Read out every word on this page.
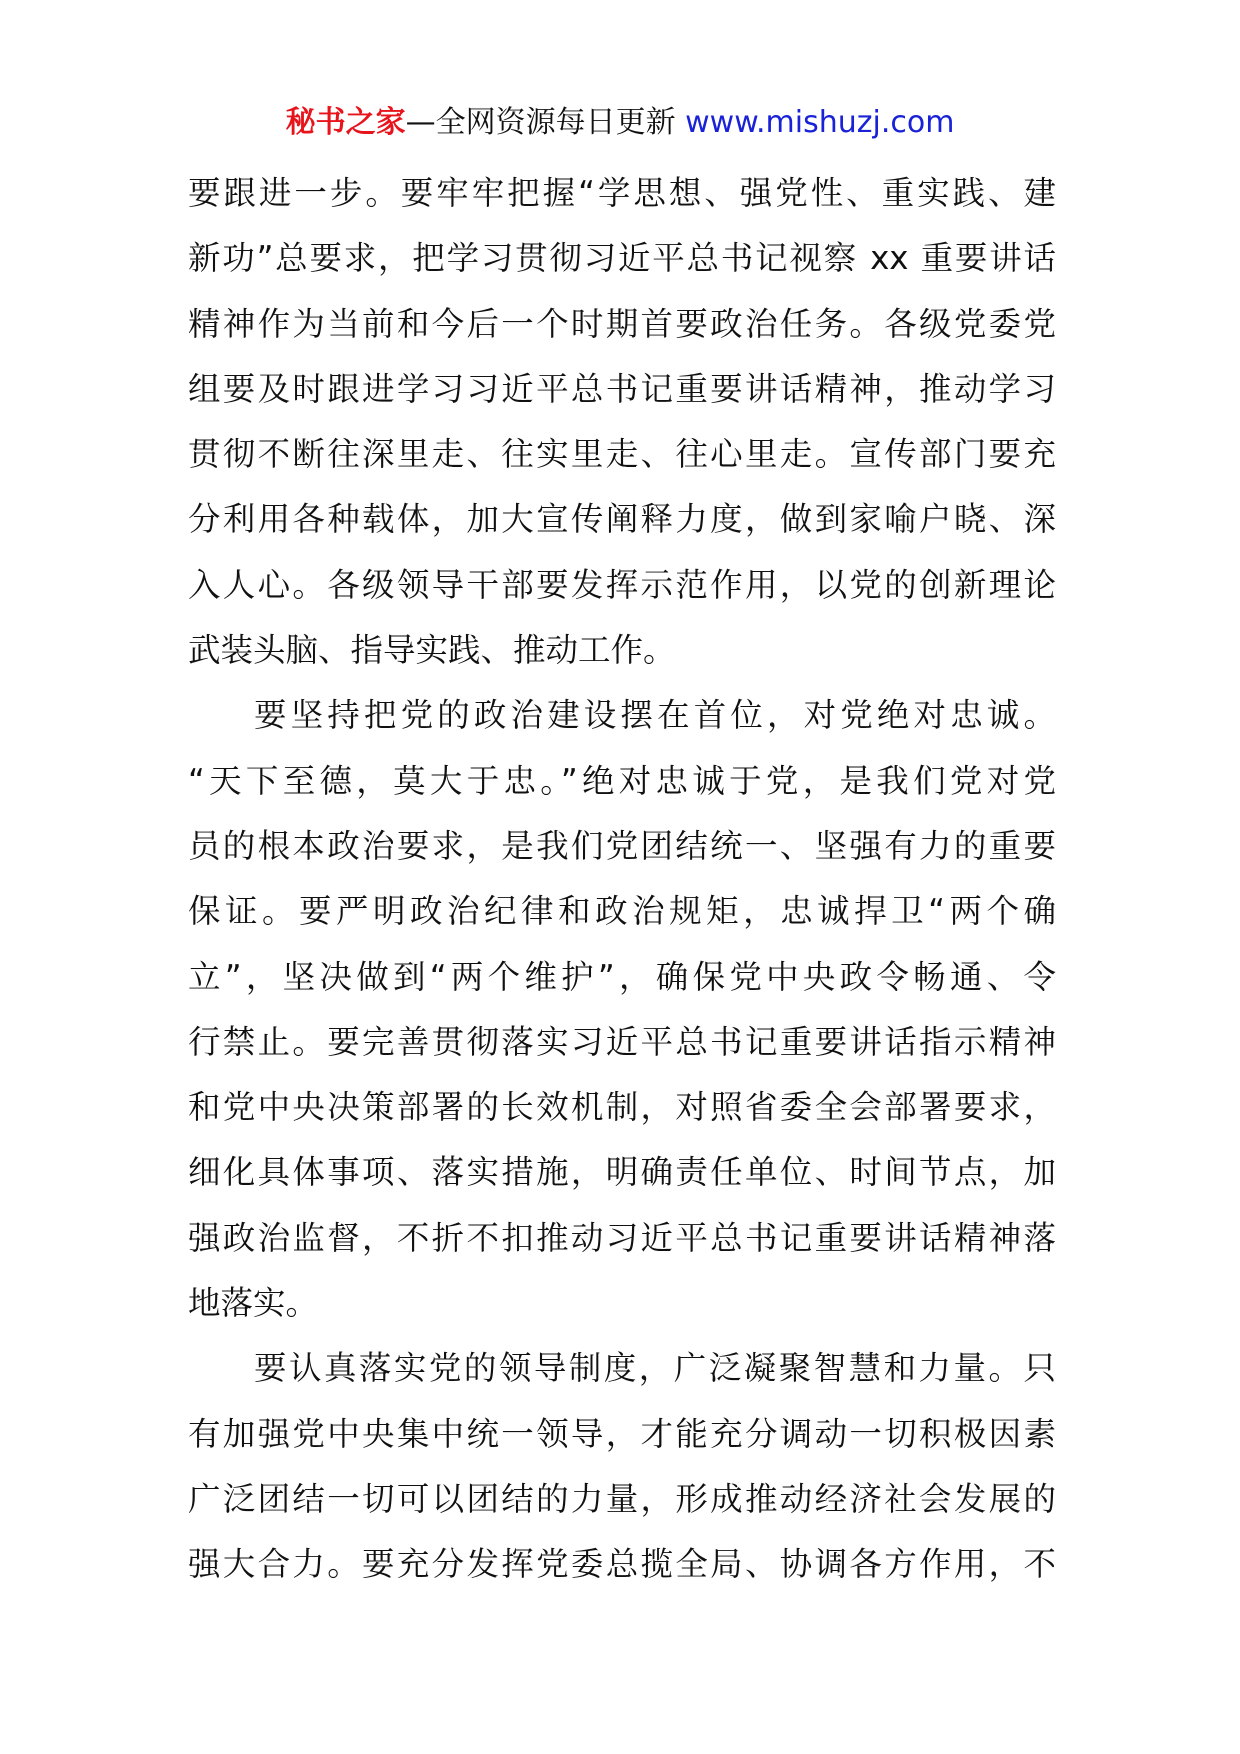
秘书之家—全网资源每日更新 www.mishuzj.com
要跟进一步。要牢牢把握“学思想、强党性、重实践、建
新功”总要求，把学习贯彻习近平总书记视察 xx 重要讲话
精神作为当前和今后一个时期首要政治任务。各级党委党
组要及时跟进学习习近平总书记重要讲话精神，推动学习
贯彻不断往深里走、往实里走、往心里走。宣传部门要充
分利用各种载体，加大宣传阐释力度，做到家喻户晓、深
入人心。各级领导干部要发挥示范作用，以党的创新理论
武装头脑、指导实践、推动工作。
要坚持把党的政治建设摆在首位，对党绝对忠诚。
“天下至德，莫大于忠。”绝对忠诚于党，是我们党对党
员的根本政治要求，是我们党团结统一、坚强有力的重要
保证。要严明政治纪律和政治规矩，忠诚捍卫“两个确
立”，坚决做到“两个维护”，确保党中央政令畅通、令
行禁止。要完善贯彻落实习近平总书记重要讲话指示精神
和党中央决策部署的长效机制，对照省委全会部署要求，
细化具体事项、落实措施，明确责任单位、时间节点，加
强政治监督，不折不扣推动习近平总书记重要讲话精神落
地落实。
要认真落实党的领导制度，广泛凝聚智慧和力量。只
有加强党中央集中统一领导，才能充分调动一切积极因素
广泛团结一切可以团结的力量，形成推动经济社会发展的
强大合力。要充分发挥党委总揽全局、协调各方作用，不
